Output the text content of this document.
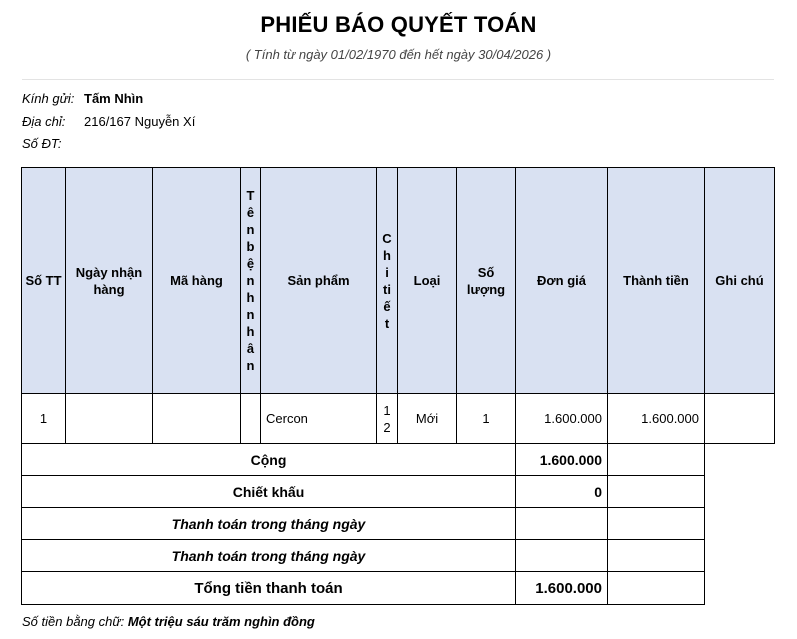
PHIẾU BÁO QUYẾT TOÁN
( Tính từ ngày 01/02/1970 đến hết ngày 30/04/2026 )
Kính gửi: Tấm Nhìn
Địa chỉ: 216/167 Nguyễn Xí
Số ĐT:
Số TT	Ngày nhận hàng	Mã hàng	Tên bệnh nhân	Sản phẩm	Chi tiết	Loại	Số lượng	Đơn giá	Thành tiền	Ghi chú
1				Cercon	12	Mới	1	1.600.000	1.600.000	
Cộng								1.600.000		
Chiết khấu								0		
Thanh toán trong tháng ngày										
Thanh toán trong tháng ngày										
Tổng tiền thanh toán								1.600.000		
Số tiền bằng chữ: Một triệu sáu trăm nghìn đồng
